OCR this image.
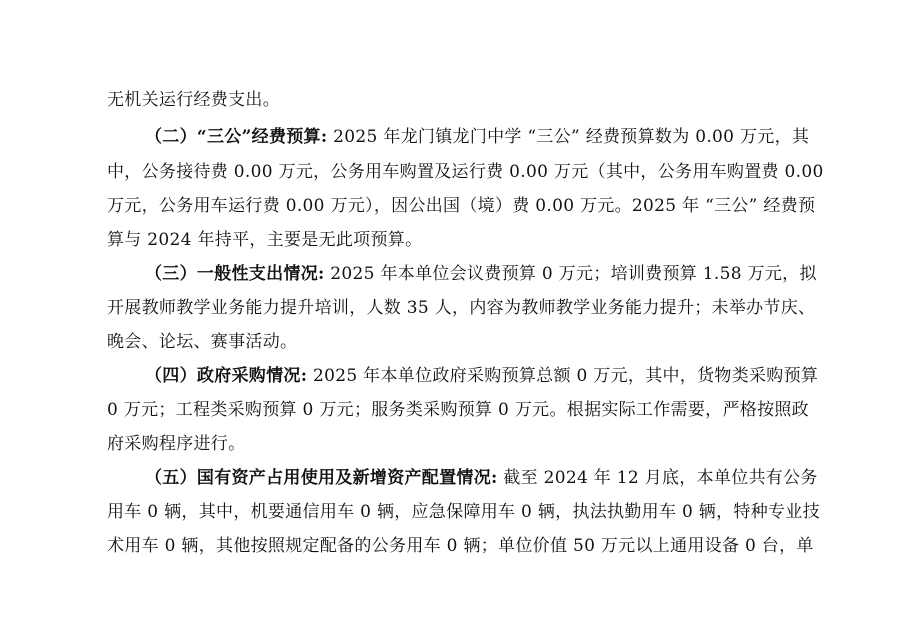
无机关运行经费支出。
（二）“三公”经费预算: 2025 年龙门镇龙门中学 “三公” 经费预算数为 0.00 万元，其
中，公务接待费 0.00 万元，公务用车购置及运行费 0.00 万元（其中，公务用车购置费 0.00
万元，公务用车运行费 0.00 万元），因公出国（境）费 0.00 万元。2025 年 “三公” 经费预
算与 2024 年持平，主要是无此项预算。
（三）一般性支出情况: 2025 年本单位会议费预算 0 万元；培训费预算 1.58 万元，拟
开展教师教学业务能力提升培训，人数 35 人，内容为教师教学业务能力提升；未举办节庆、
晚会、论坛、赛事活动。
（四）政府采购情况: 2025 年本单位政府采购预算总额 0 万元，其中，货物类采购预算
0 万元；工程类采购预算 0 万元；服务类采购预算 0 万元。根据实际工作需要，严格按照政
府采购程序进行。
（五）国有资产占用使用及新增资产配置情况: 截至 2024 年 12 月底，本单位共有公务
用车 0 辆，其中，机要通信用车 0 辆，应急保障用车 0 辆，执法执勤用车 0 辆，特种专业技
术用车 0 辆，其他按照规定配备的公务用车 0 辆；单位价值 50 万元以上通用设备 0 台，单
